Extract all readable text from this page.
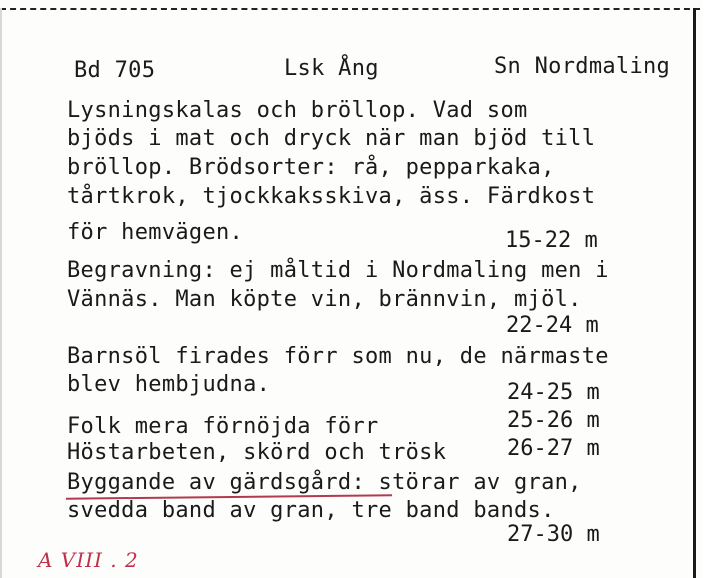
Bd 705	Lsk Ång	Sn Nordmaling
Lysningskalas och bröllop. Vad som
bjöds i mat och dryck när man bjöd till
bröllop. Brödsorter: rå, pepparkaka,
tårtkrok, tjockkaksskiva, äss. Färdkost
för hemvägen.	15-22 m
Begravning: ej måltid i Nordmaling men i
Vännäs. Man köpte vin, brännvin, mjöl.
22-24 m
Barnsöl firades förr som nu, de närmaste
blev hembjudna.	24-25 m
Folk mera förnöjda förr	25-26 m
Höstarbeten, skörd och trösk	26-27 m
Byggande av gärdsgård: störar av gran,
svedda band av gran, tre band bands.
27-30 m
A VIII . 2
